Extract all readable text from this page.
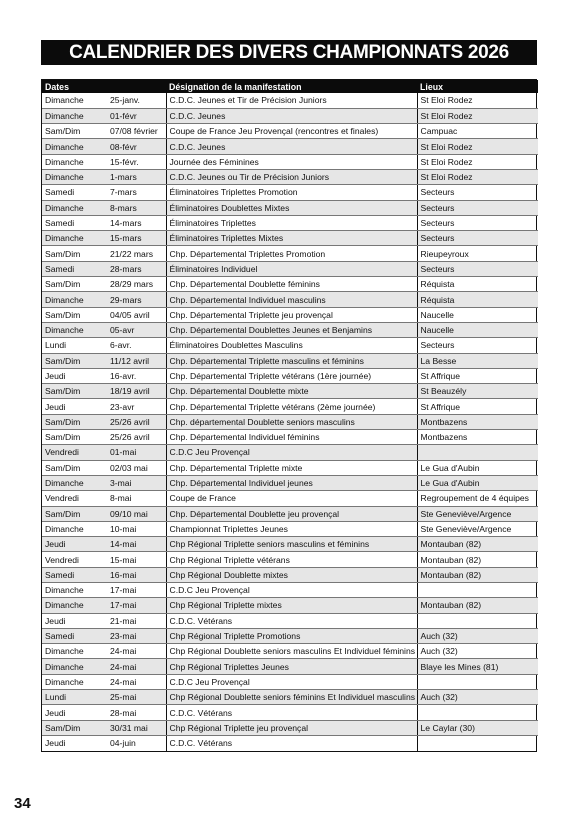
CALENDRIER DES DIVERS CHAMPIONNATS 2026
Dates		Désignation de la manifestation	Lieux
Dimanche	25-janv.	C.D.C. Jeunes et Tir de Précision Juniors	St Eloi Rodez
Dimanche	01-févr	C.D.C. Jeunes	St Eloi Rodez
Sam/Dim	07/08 février	Coupe de France Jeu Provençal (rencontres et finales)	Campuac
Dimanche	08-févr	C.D.C. Jeunes	St Eloi Rodez
Dimanche	15-févr.	Journée des Féminines	St Eloi Rodez
Dimanche	1-mars	C.D.C. Jeunes ou Tir de Précision Juniors	St Eloi Rodez
Samedi	7-mars	Éliminatoires Triplettes Promotion	Secteurs
Dimanche	8-mars	Éliminatoires Doublettes Mixtes	Secteurs
Samedi	14-mars	Éliminatoires Triplettes	Secteurs
Dimanche	15-mars	Éliminatoires Triplettes Mixtes	Secteurs
Sam/Dim	21/22 mars	Chp. Départemental Triplettes Promotion	Rieupeyroux
Samedi	28-mars	Éliminatoires Individuel	Secteurs
Sam/Dim	28/29 mars	Chp. Départemental Doublette féminins	Réquista
Dimanche	29-mars	Chp. Départemental Individuel masculins	Réquista
Sam/Dim	04/05 avril	Chp. Départemental Triplette jeu provençal	Naucelle
Dimanche	05-avr	Chp. Départemental Doublettes Jeunes et Benjamins	Naucelle
Lundi	6-avr.	Éliminatoires Doublettes Masculins	Secteurs
Sam/Dim	11/12 avril	Chp. Départemental Triplette masculins et féminins	La Besse
Jeudi	16-avr.	Chp. Départemental Triplette vétérans (1ère journée)	St Affrique
Sam/Dim	18/19 avril	Chp. Départemental Doublette mixte	St Beauzély
Jeudi	23-avr	Chp. Départemental Triplette vétérans (2ème journée)	St Affrique
Sam/Dim	25/26 avril	Chp. départemental Doublette seniors masculins	Montbazens
Sam/Dim	25/26 avril	Chp. Départemental Individuel féminins	Montbazens
Vendredi	01-mai	C.D.C Jeu Provençal	
Sam/Dim	02/03 mai	Chp. Départemental Triplette mixte	Le Gua d'Aubin
Dimanche	3-mai	Chp. Départemental Individuel jeunes	Le Gua d'Aubin
Vendredi	8-mai	Coupe de France	Regroupement de 4 équipes
Sam/Dim	09/10 mai	Chp. Départemental Doublette jeu provençal	Ste Geneviève/Argence
Dimanche	10-mai	Championnat Triplettes Jeunes	Ste Geneviève/Argence
Jeudi	14-mai	Chp Régional Triplette seniors masculins et féminins	Montauban (82)
Vendredi	15-mai	Chp Régional Triplette vétérans	Montauban (82)
Samedi	16-mai	Chp Régional Doublette mixtes	Montauban (82)
Dimanche	17-mai	C.D.C Jeu Provençal	
Dimanche	17-mai	Chp Régional Triplette mixtes	Montauban (82)
Jeudi	21-mai	C.D.C. Vétérans	
Samedi	23-mai	Chp Régional Triplette Promotions	Auch (32)
Dimanche	24-mai	Chp Régional Doublette seniors masculins Et Individuel féminins	Auch (32)
Dimanche	24-mai	Chp Régional Triplettes Jeunes	Blaye les Mines (81)
Dimanche	24-mai	C.D.C Jeu Provençal	
Lundi	25-mai	Chp Régional Doublette seniors féminins Et Individuel masculins	Auch (32)
Jeudi	28-mai	C.D.C. Vétérans	
Sam/Dim	30/31 mai	Chp Régional Triplette jeu provençal	Le Caylar (30)
Jeudi	04-juin	C.D.C. Vétérans	
34
